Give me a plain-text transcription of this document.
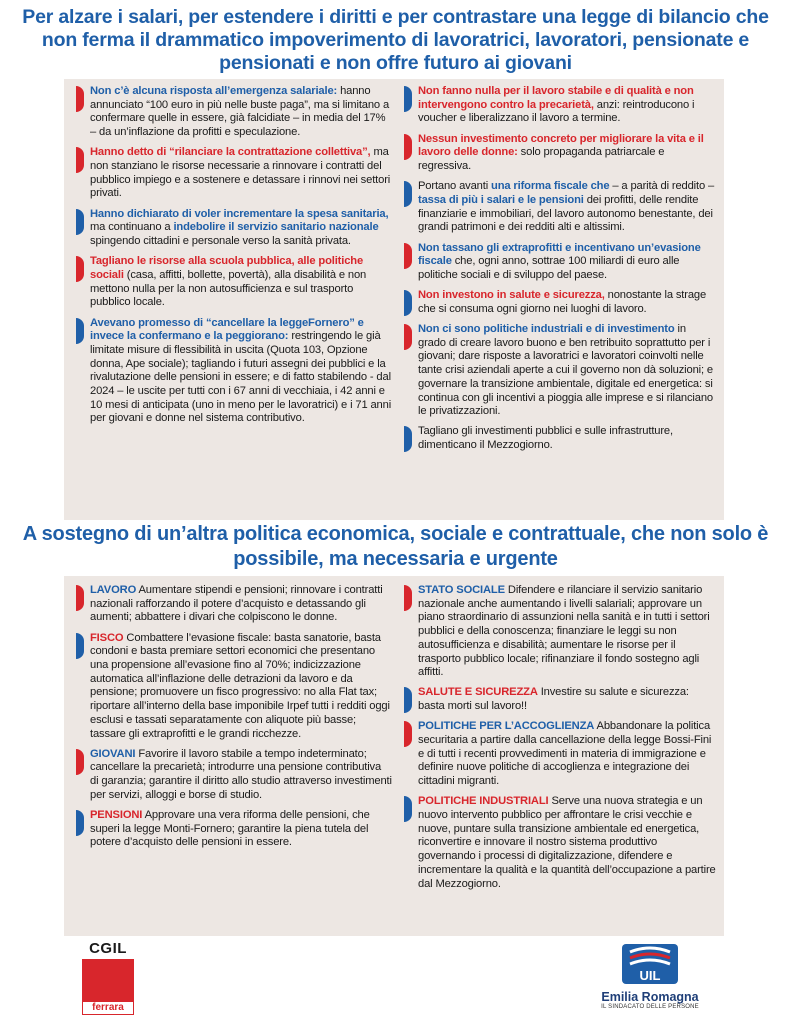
Per alzare i salari, per estendere i diritti e per contrastare una legge di bilancio che non ferma il drammatico impoverimento di lavoratrici, lavoratori, pensionate e pensionati e non offre futuro ai giovani
A sostegno di un’altra politica economica, sociale e contrattuale, che non solo è possibile, ma necessaria e urgente
Non c’è alcuna risposta all’emergenza salariale: hanno annunciato “100 euro in più nelle buste paga”, ma si limitano a confermare quelle in essere, già falcidiate – in media del 17% – da un’inflazione da profitti e speculazione.
Hanno detto di “rilanciare la contrattazione collettiva”, ma non stanziano le risorse necessarie a rinnovare i contratti del pubblico impiego e a sostenere e detassare i rinnovi nei settori privati.
Hanno dichiarato di voler incrementare la spesa sanitaria, ma continuano a indebolire il servizio sanitario nazionale spingendo cittadini e personale verso la sanità privata.
Tagliano le risorse alla scuola pubblica, alle politiche sociali (casa, affitti, bollette, povertà), alla disabilità e non mettono nulla per la non autosufficienza e sul trasporto pubblico locale.
Avevano promesso di “cancellare la leggeFornero” e invece la confermano e la peggiorano: restringendo le già limitate misure di flessibilità in uscita (Quota 103, Opzione donna, Ape sociale); tagliando i futuri assegni dei pubblici e la rivalutazione delle pensioni in essere; e di fatto stabilendo - dal 2024 – le uscite per tutti con i 67 anni di vecchiaia, i 42 anni e 10 mesi di anticipata (uno in meno per le lavoratrici) e i 71 anni per giovani e donne nel sistema contributivo.
Non fanno nulla per il lavoro stabile e di qualità e non intervengono contro la precarietà, anzi: reintroducono i voucher e liberalizzano il lavoro a termine.
Nessun investimento concreto per migliorare la vita e il lavoro delle donne: solo propaganda patriarcale e regressiva.
Portano avanti una riforma fiscale che – a parità di reddito – tassa di più i salari e le pensioni dei profitti, delle rendite finanziarie e immobiliari, del lavoro autonomo benestante, dei grandi patrimoni e dei redditi alti e altissimi.
Non tassano gli extraprofitti e incentivano un’evasione fiscale che, ogni anno, sottrae 100 miliardi di euro alle politiche sociali e di sviluppo del paese.
Non investono in salute e sicurezza, nonostante la strage che si consuma ogni giorno nei luoghi di lavoro.
Non ci sono politiche industriali e di investimento in grado di creare lavoro buono e ben retribuito soprattutto per i giovani; dare risposte a lavoratrici e lavoratori coinvolti nelle tante crisi aziendali aperte a cui il governo non dà soluzioni; e governare la transizione ambientale, digitale ed energetica: si continua con gli incentivi a pioggia alle imprese e si rilanciano le privatizzazioni.
Tagliano gli investimenti pubblici e sulle infrastrutture, dimenticano il Mezzogiorno.
LAVORO Aumentare stipendi e pensioni; rinnovare i contratti nazionali rafforzando il potere d’acquisto e detassando gli aumenti; abbattere i divari che colpiscono le donne.
FISCO Combattere l’evasione fiscale: basta sanatorie, basta condoni e basta premiare settori economici che presentano una propensione all’evasione fino al 70%; indicizzazione automatica all’inflazione delle detrazioni da lavoro e da pensione; promuovere un fisco progressivo: no alla Flat tax; riportare all’interno della base imponibile Irpef tutti i redditi oggi esclusi e tassati separatamente con aliquote più basse; tassare gli extraprofitti e le grandi ricchezze.
GIOVANI Favorire il lavoro stabile a tempo indeterminato; cancellare la precarietà; introdurre una pensione contributiva di garanzia; garantire il diritto allo studio attraverso investimenti per servizi, alloggi e borse di studio.
PENSIONI Approvare una vera riforma delle pensioni, che superi la legge Monti-Fornero; garantire la piena tutela del potere d’acquisto delle pensioni in essere.
STATO SOCIALE Difendere e rilanciare il servizio sanitario nazionale anche aumentando i livelli salariali; approvare un piano straordinario di assunzioni nella sanità e in tutti i settori pubblici e della conoscenza; finanziare le leggi su non autosufficienza e disabilità; aumentare le risorse per il trasporto pubblico locale; rifinanziare il fondo sostegno agli affitti.
SALUTE E SICUREZZA Investire su salute e sicurezza: basta morti sul lavoro!!
POLITICHE PER L’ACCOGLIENZA Abbandonare la politica securitaria a partire dalla cancellazione della legge Bossi-Fini e di tutti i recenti provvedimenti in materia di immigrazione e definire nuove politiche di accoglienza e integrazione dei cittadini migranti.
POLITICHE INDUSTRIALI Serve una nuova strategia e un nuovo intervento pubblico per affrontare le crisi vecchie e nuove, puntare sulla transizione ambientale ed energetica, riconvertire e innovare il nostro sistema produttivo governando i processi di digitalizzazione, difendere e incrementare la qualità e la quantità dell’occupazione a partire dal Mezzogiorno.
CGIL
ferrara
UIL
Emilia Romagna
IL SINDACATO DELLE PERSONE
